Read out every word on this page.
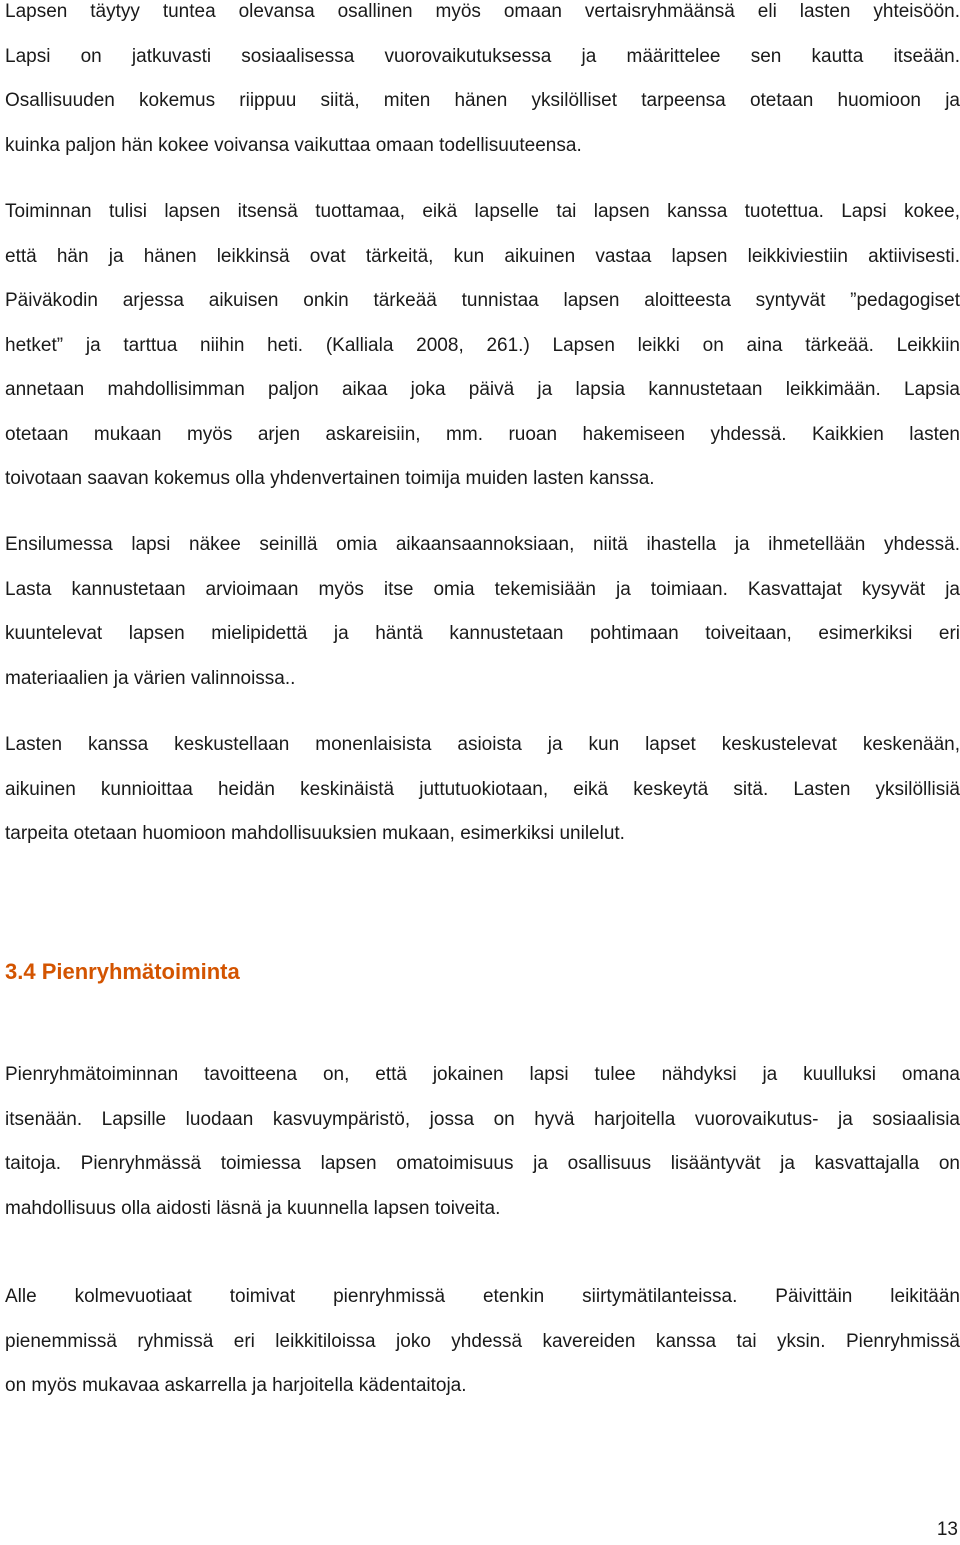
Lapsen täytyy tuntea olevansa osallinen myös omaan vertaisryhmäänsä eli lasten yhteisöön.
Lapsi on jatkuvasti sosiaalisessa vuorovaikutuksessa ja määrittelee sen kautta itseään.
Osallisuuden kokemus riippuu siitä, miten hänen yksilölliset tarpeensa otetaan huomioon ja
kuinka paljon hän kokee voivansa vaikuttaa omaan todellisuuteensa.
Toiminnan tulisi lapsen itsensä tuottamaa, eikä lapselle tai lapsen kanssa tuotettua. Lapsi kokee,
että hän ja hänen leikkinsä ovat tärkeitä, kun aikuinen vastaa lapsen leikkiviestiin aktiivisesti.
Päiväkodin arjessa aikuisen onkin tärkeää tunnistaa lapsen aloitteesta syntyvät ”pedagogiset
hetket” ja tarttua niihin heti. (Kalliala 2008, 261.) Lapsen leikki on aina tärkeää. Leikkiin
annetaan mahdollisimman paljon aikaa joka päivä ja lapsia kannustetaan leikkimään. Lapsia
otetaan mukaan myös arjen askareisiin, mm. ruoan hakemiseen yhdessä. Kaikkien lasten
toivotaan saavan kokemus olla yhdenvertainen toimija muiden lasten kanssa.
Ensilumessa lapsi näkee seinillä omia aikaansaannoksiaan, niitä ihastella ja ihmetellään yhdessä.
Lasta kannustetaan arvioimaan myös itse omia tekemisiään ja toimiaan. Kasvattajat kysyvät ja
kuuntelevat lapsen mielipidettä ja häntä kannustetaan pohtimaan toiveitaan, esimerkiksi eri
materiaalien ja värien valinnoissa..
Lasten kanssa keskustellaan monenlaisista asioista ja kun lapset keskustelevat keskenään,
aikuinen kunnioittaa heidän keskinäistä juttutuokiotaan, eikä keskeytä sitä. Lasten yksilöllisiä
tarpeita otetaan huomioon mahdollisuuksien mukaan, esimerkiksi unilelut.
3.4 Pienryhmätoiminta
Pienryhmätoiminnan tavoitteena on, että jokainen lapsi tulee nähdyksi ja kuulluksi omana
itsenään. Lapsille luodaan kasvuympäristö, jossa on hyvä harjoitella vuorovaikutus- ja sosiaalisia
taitoja. Pienryhmässä toimiessa lapsen omatoimisuus ja osallisuus lisääntyvät ja kasvattajalla on
mahdollisuus olla aidosti läsnä ja kuunnella lapsen toiveita.
Alle kolmevuotiaat toimivat pienryhmissä etenkin siirtymätilanteissa. Päivittäin leikitään
pienemmissä ryhmissä eri leikkitiloissa joko yhdessä kavereiden kanssa tai yksin. Pienryhmissä
on myös mukavaa askarrella ja harjoitella kädentaitoja.
13
